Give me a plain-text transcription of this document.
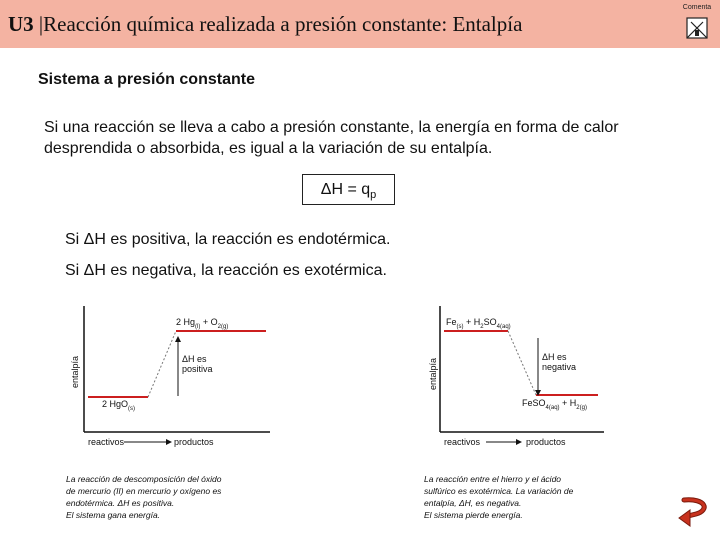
U3 |Reacción química realizada a presión constante: Entalpía
Comenta
Sistema a presión constante
Si una reacción se lleva a cabo a presión constante, la energía en forma de calor desprendida o absorbida, es igual a la variación de su entalpía.
$\Delta H = q_p$
Si ΔH es positiva, la reacción es endotérmica.
Si ΔH es negativa, la reacción es exotérmica.
entalpía
2 $Hg_{(l)} + O_{2(g)}$
2 HgO$_{(s)}$
ΔH es
positiva
reactivos	productos
entalpía
$Fe_{(s)} + H_2SO_{4(aq)}$
FeSO$_{4(aq)}$ + $H_{2(g)}$
ΔH es
negativa
reactivos	productos
La reacción de descomposición del óxido
de mercurio (II) en mercurio y oxígeno es
endotérmica. ΔH es positiva.
El sistema gana energía.
La reacción entre el hierro y el ácido
sulfúrico es exotérmica. La variación de
entalpía, ΔH, es negativa.
El sistema pierde energía.
